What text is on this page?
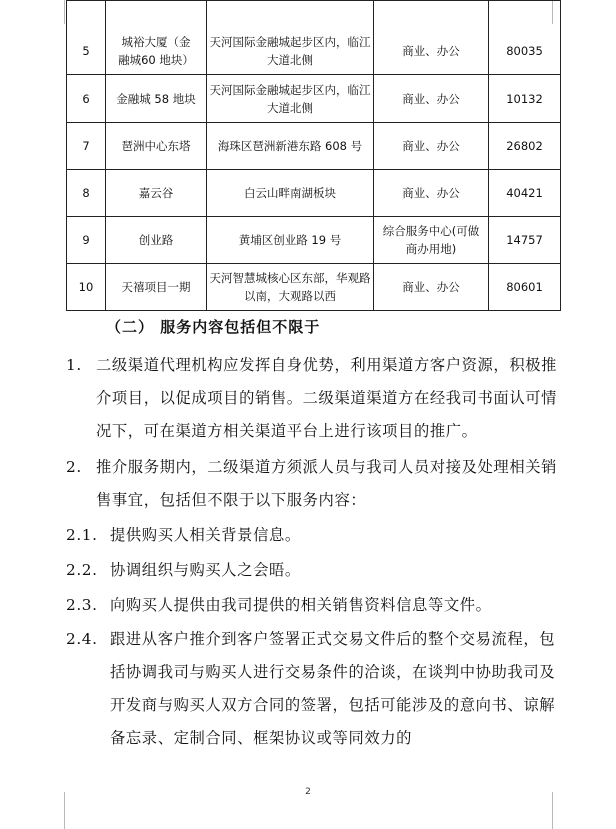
5	城裕大厦（金融城60 地块）	天河国际金融城起步区内，临江大道北侧	商业、办公	80035
6	金融城 58 地块	天河国际金融城起步区内，临江大道北侧	商业、办公	10132
7	琶洲中心东塔	海珠区琶洲新港东路 608 号	商业、办公	26802
8	嘉云谷	白云山畔南湖板块	商业、办公	40421
9	创业路	黄埔区创业路 19 号	综合服务中心(可做商办用地)	14757
10	天禧项目一期	天河智慧城核心区东部，华观路以南，大观路以西	商业、办公	80601
（二） 服务内容包括但不限于
1. 二级渠道代理机构应发挥自身优势，利用渠道方客户资源，积极推介项目，以促成项目的销售。二级渠道渠道方在经我司书面认可情况下，可在渠道方相关渠道平台上进行该项目的推广。
2. 推介服务期内，二级渠道方须派人员与我司人员对接及处理相关销售事宜，包括但不限于以下服务内容：
2.1. 提供购买人相关背景信息。
2.2. 协调组织与购买人之会晤。
2.3. 向购买人提供由我司提供的相关销售资料信息等文件。
2.4. 跟进从客户推介到客户签署正式交易文件后的整个交易流程，包括协调我司与购买人进行交易条件的洽谈，在谈判中协助我司及开发商与购买人双方合同的签署，包括可能涉及的意向书、谅解备忘录、定制合同、框架协议或等同效力的
2
